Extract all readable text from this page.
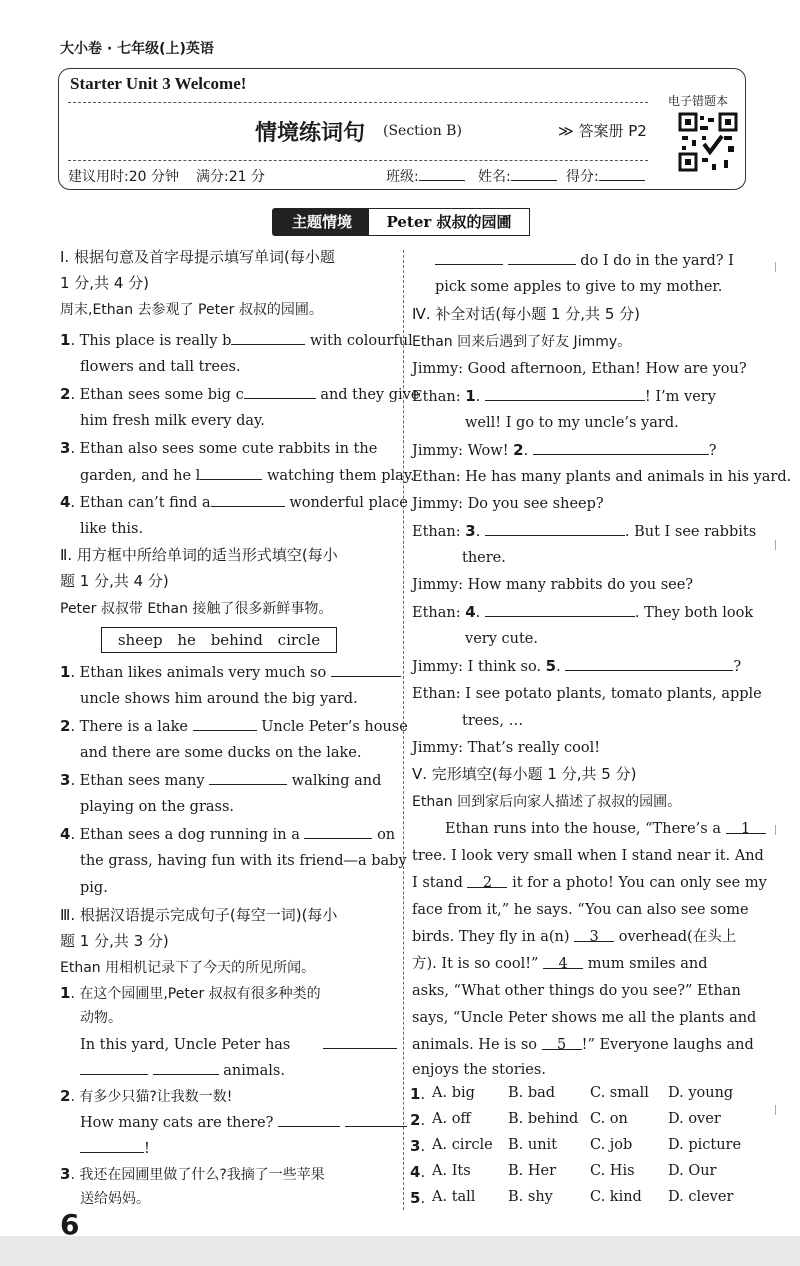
大小卷 · 七年级(上)英语
Starter Unit 3 Welcome!
情境练词句 (Section B)	≫ 答案册 P2
建议用时:20 分钟 满分:21 分	班级:	姓名:	得分:
电子错题本
主题情境	Peter 叔叔的园圃
Ⅰ. 根据句意及首字母提示填写单词(每小题
1 分,共 4 分)
周末,Ethan 去参观了 Peter 叔叔的园圃。
1. This place is really b	with colourful
flowers and tall trees.
2. Ethan sees some big c	and they give
him fresh milk every day.
3. Ethan also sees some cute rabbits in the
garden, and he l	watching them play.
4. Ethan can’t find a	wonderful place
like this.
Ⅱ. 用方框中所给单词的适当形式填空(每小
题 1 分,共 4 分)
Peter 叔叔带 Ethan 接触了很多新鲜事物。
sheep he behind circle
1. Ethan likes animals very much so
uncle shows him around the big yard.
2. There is a lake	Uncle Peter’s house
and there are some ducks on the lake.
3. Ethan sees many	walking and
playing on the grass.
4. Ethan sees a dog running in a	on
the grass, having fun with its friend—a baby
pig.
Ⅲ. 根据汉语提示完成句子(每空一词)(每小
题 1 分,共 3 分)
Ethan 用相机记录下了今天的所见所闻。
1. 在这个园圃里,Peter 叔叔有很多种类的
动物。
In this yard, Uncle Peter has
animals.
2. 有多少只猫?让我数一数!
How many cats are there?
!
3. 我还在园圃里做了什么?我摘了一些苹果
送给妈妈。
do I do in the yard? I
pick some apples to give to my mother.
Ⅳ. 补全对话(每小题 1 分,共 5 分)
Ethan 回来后遇到了好友 Jimmy。
Jimmy: Good afternoon, Ethan! How are you?
Ethan: 1.	! I’m very
well! I go to my uncle’s yard.
Jimmy: Wow! 2.	?
Ethan: He has many plants and animals in his yard.
Jimmy: Do you see sheep?
Ethan: 3.	. But I see rabbits
there.
Jimmy: How many rabbits do you see?
Ethan: 4.	. They both look
very cute.
Jimmy: I think so. 5.	?
Ethan: I see potato plants, tomato plants, apple
trees, …
Jimmy: That’s really cool!
Ⅴ. 完形填空(每小题 1 分,共 5 分)
Ethan 回到家后向家人描述了叔叔的园圃。
Ethan runs into the house, “There’s a 1
tree. I look very small when I stand near it. And
I stand 2 it for a photo! You can only see my
face from it,” he says. “You can also see some
birds. They fly in a(n) 3 overhead(在头上
方). It is so cool!” 4 mum smiles and
asks, “What other things do you see?” Ethan
says, “Uncle Peter shows me all the plants and
animals. He is so 5 !” Everyone laughs and
enjoys the stories.
1. A. big B. bad C. small D. young
2. A. off	B. behind C. on	D. over
3. A. circle B. unit C. job D. picture
4. A. Its	B. Her C. His D. Our
5. A. tall B. shy	C. kind D. clever
6
